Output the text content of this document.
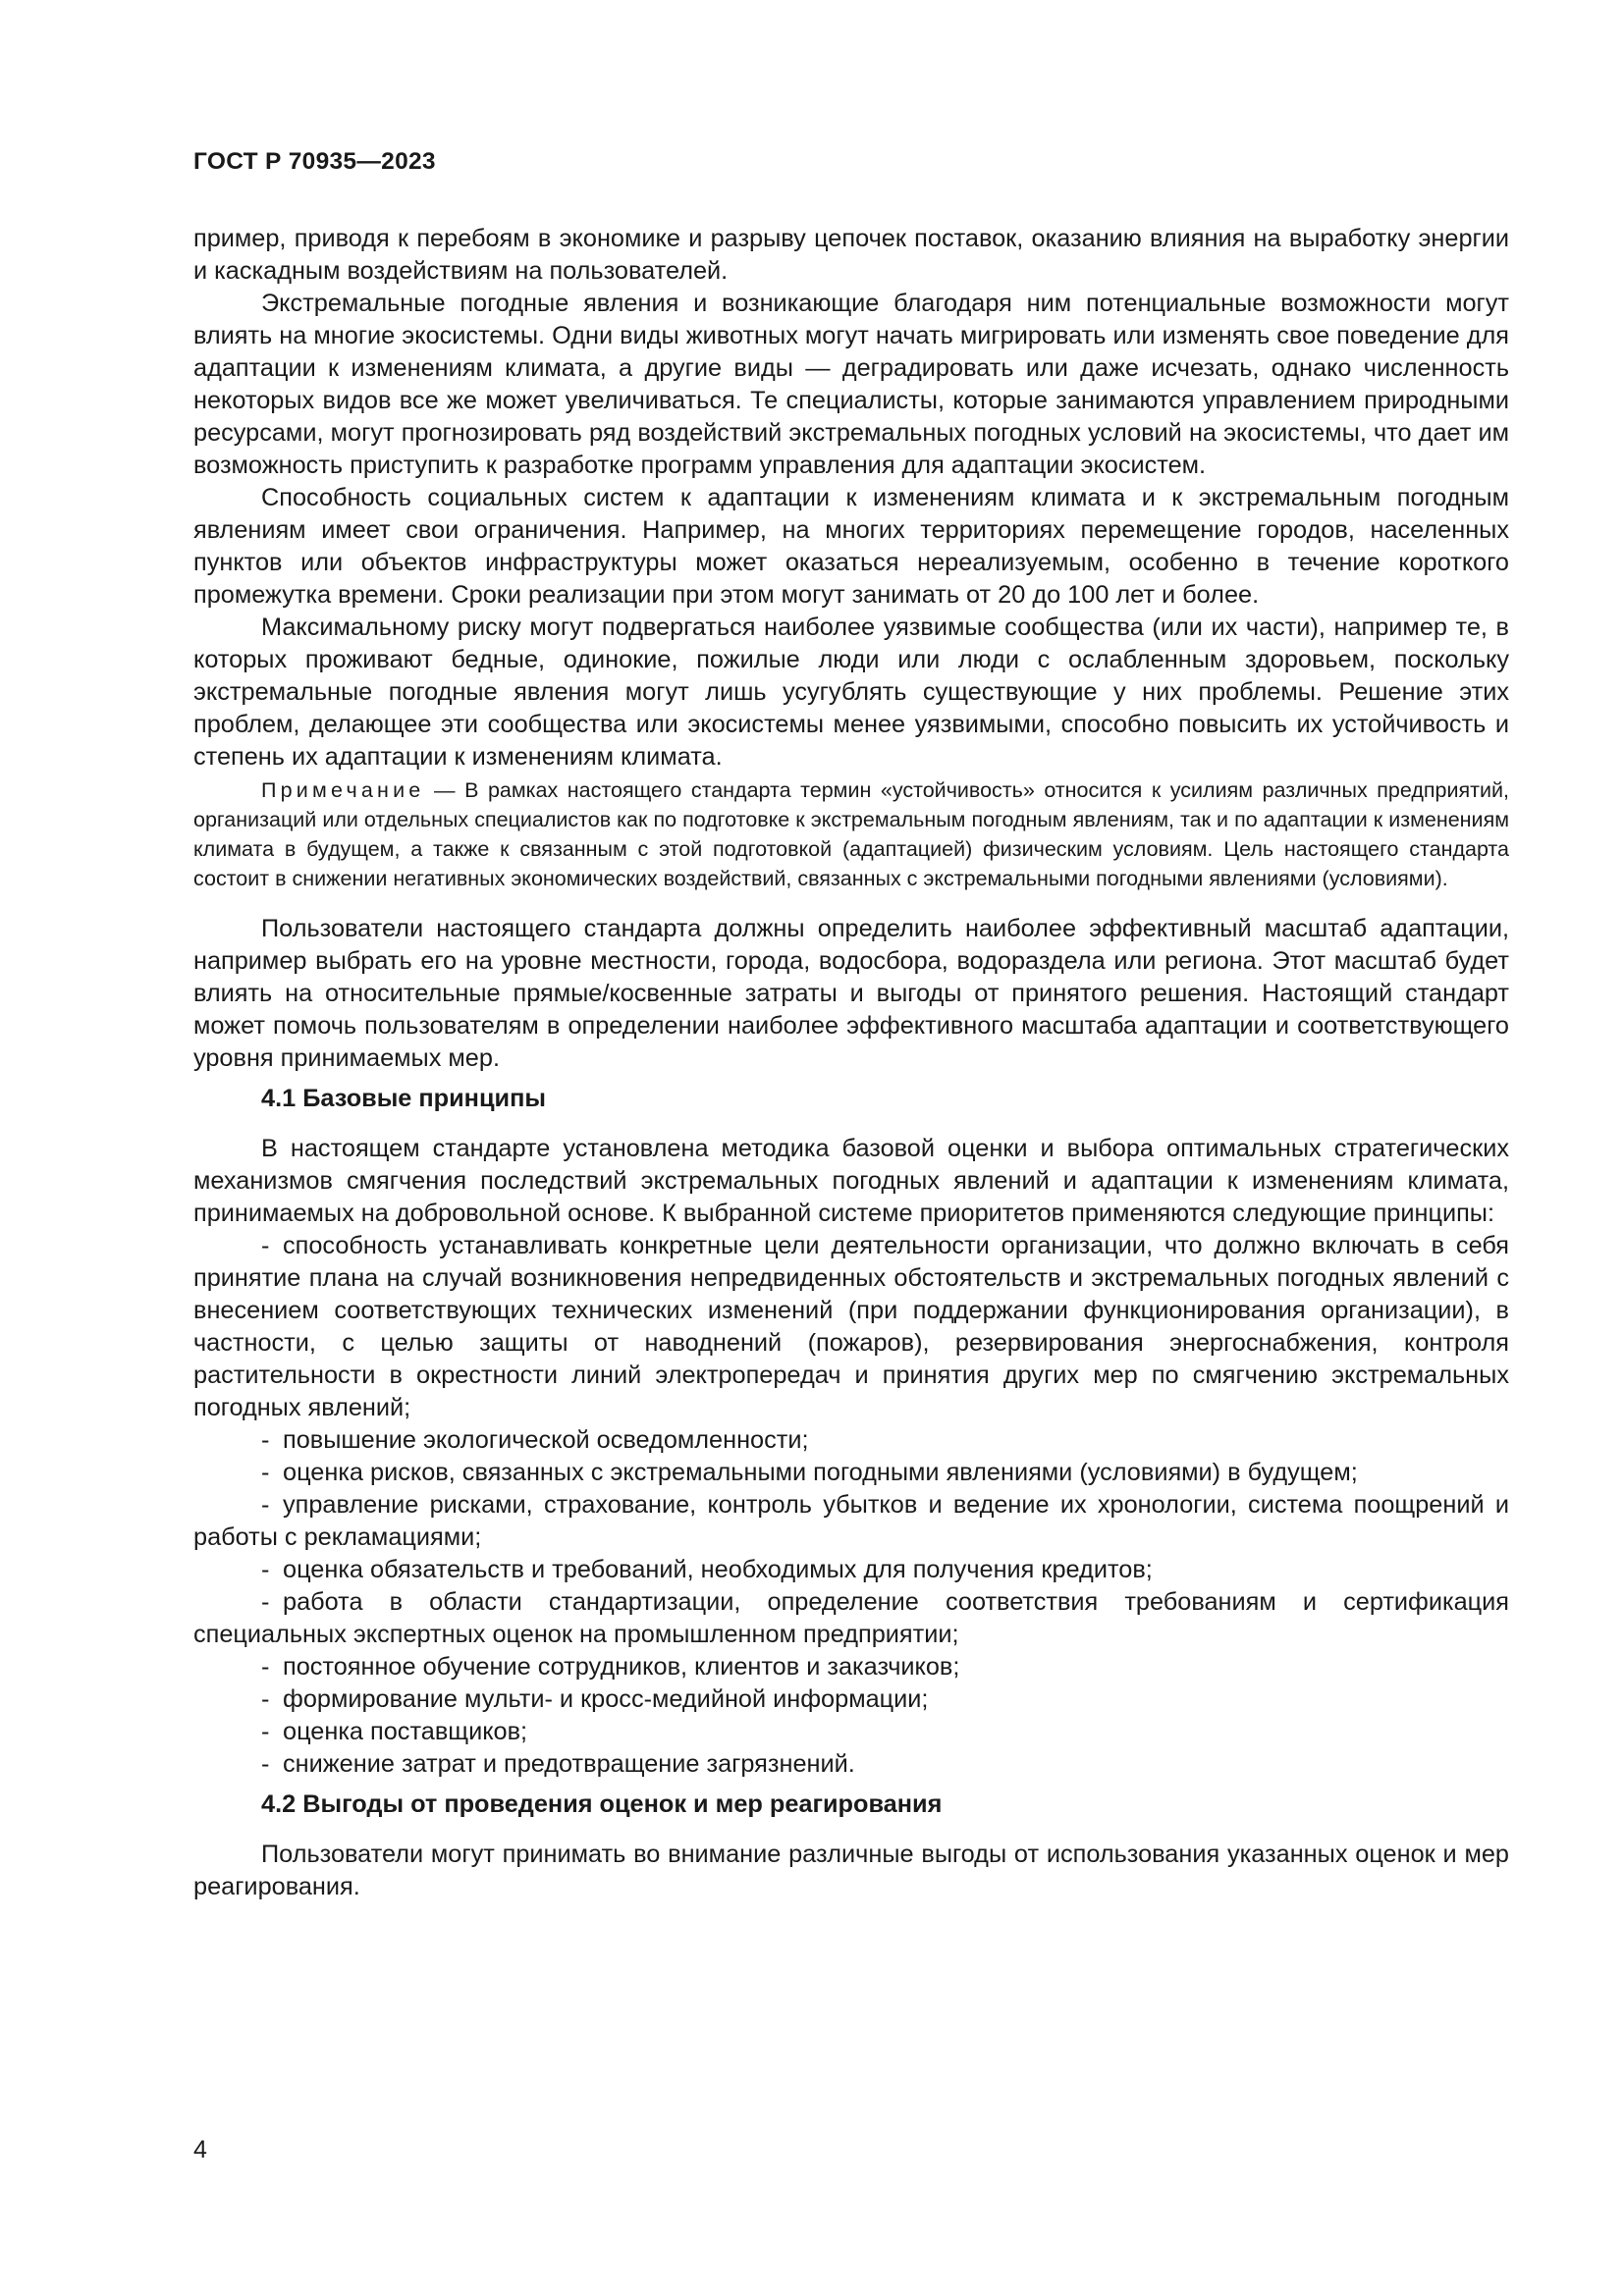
ГОСТ Р 70935—2023

пример, приводя к перебоям в экономике и разрыву цепочек поставок, оказанию влияния на выработку энергии и каскадным воздействиям на пользователей.

Экстремальные погодные явления и возникающие благодаря ним потенциальные возможности могут влиять на многие экосистемы. Одни виды животных могут начать мигрировать или изменять свое поведение для адаптации к изменениям климата, а другие виды — деградировать или даже исчезать, однако численность некоторых видов все же может увеличиваться. Те специалисты, которые занимаются управлением природными ресурсами, могут прогнозировать ряд воздействий экстремальных погодных условий на экосистемы, что дает им возможность приступить к разработке программ управления для адаптации экосистем.

Способность социальных систем к адаптации к изменениям климата и к экстремальным погодным явлениям имеет свои ограничения. Например, на многих территориях перемещение городов, населенных пунктов или объектов инфраструктуры может оказаться нереализуемым, особенно в течение короткого промежутка времени. Сроки реализации при этом могут занимать от 20 до 100 лет и более.

Максимальному риску могут подвергаться наиболее уязвимые сообщества (или их части), например те, в которых проживают бедные, одинокие, пожилые люди или люди с ослабленным здоровьем, поскольку экстремальные погодные явления могут лишь усугублять существующие у них проблемы. Решение этих проблем, делающее эти сообщества или экосистемы менее уязвимыми, способно повысить их устойчивость и степень их адаптации к изменениям климата.

Примечание — В рамках настоящего стандарта термин «устойчивость» относится к усилиям различных предприятий, организаций или отдельных специалистов как по подготовке к экстремальным погодным явлениям, так и по адаптации к изменениям климата в будущем, а также к связанным с этой подготовкой (адаптацией) физическим условиям. Цель настоящего стандарта состоит в снижении негативных экономических воздействий, связанных с экстремальными погодными явлениями (условиями).

Пользователи настоящего стандарта должны определить наиболее эффективный масштаб адаптации, например выбрать его на уровне местности, города, водосбора, водораздела или региона. Этот масштаб будет влиять на относительные прямые/косвенные затраты и выгоды от принятого решения. Настоящий стандарт может помочь пользователям в определении наиболее эффективного масштаба адаптации и соответствующего уровня принимаемых мер.

4.1 Базовые принципы

В настоящем стандарте установлена методика базовой оценки и выбора оптимальных стратегических механизмов смягчения последствий экстремальных погодных явлений и адаптации к изменениям климата, принимаемых на добровольной основе. К выбранной системе приоритетов применяются следующие принципы:

- способность устанавливать конкретные цели деятельности организации, что должно включать в себя принятие плана на случай возникновения непредвиденных обстоятельств и экстремальных погодных явлений с внесением соответствующих технических изменений (при поддержании функционирования организации), в частности, с целью защиты от наводнений (пожаров), резервирования энергоснабжения, контроля растительности в окрестности линий электропередач и принятия других мер по смягчению экстремальных погодных явлений;
- повышение экологической осведомленности;
- оценка рисков, связанных с экстремальными погодными явлениями (условиями) в будущем;
- управление рисками, страхование, контроль убытков и ведение их хронологии, система поощрений и работы с рекламациями;
- оценка обязательств и требований, необходимых для получения кредитов;
- работа в области стандартизации, определение соответствия требованиям и сертификация специальных экспертных оценок на промышленном предприятии;
- постоянное обучение сотрудников, клиентов и заказчиков;
- формирование мульти- и кросс-медийной информации;
- оценка поставщиков;
- снижение затрат и предотвращение загрязнений.

4.2 Выгоды от проведения оценок и мер реагирования

Пользователи могут принимать во внимание различные выгоды от использования указанных оценок и мер реагирования.

4
